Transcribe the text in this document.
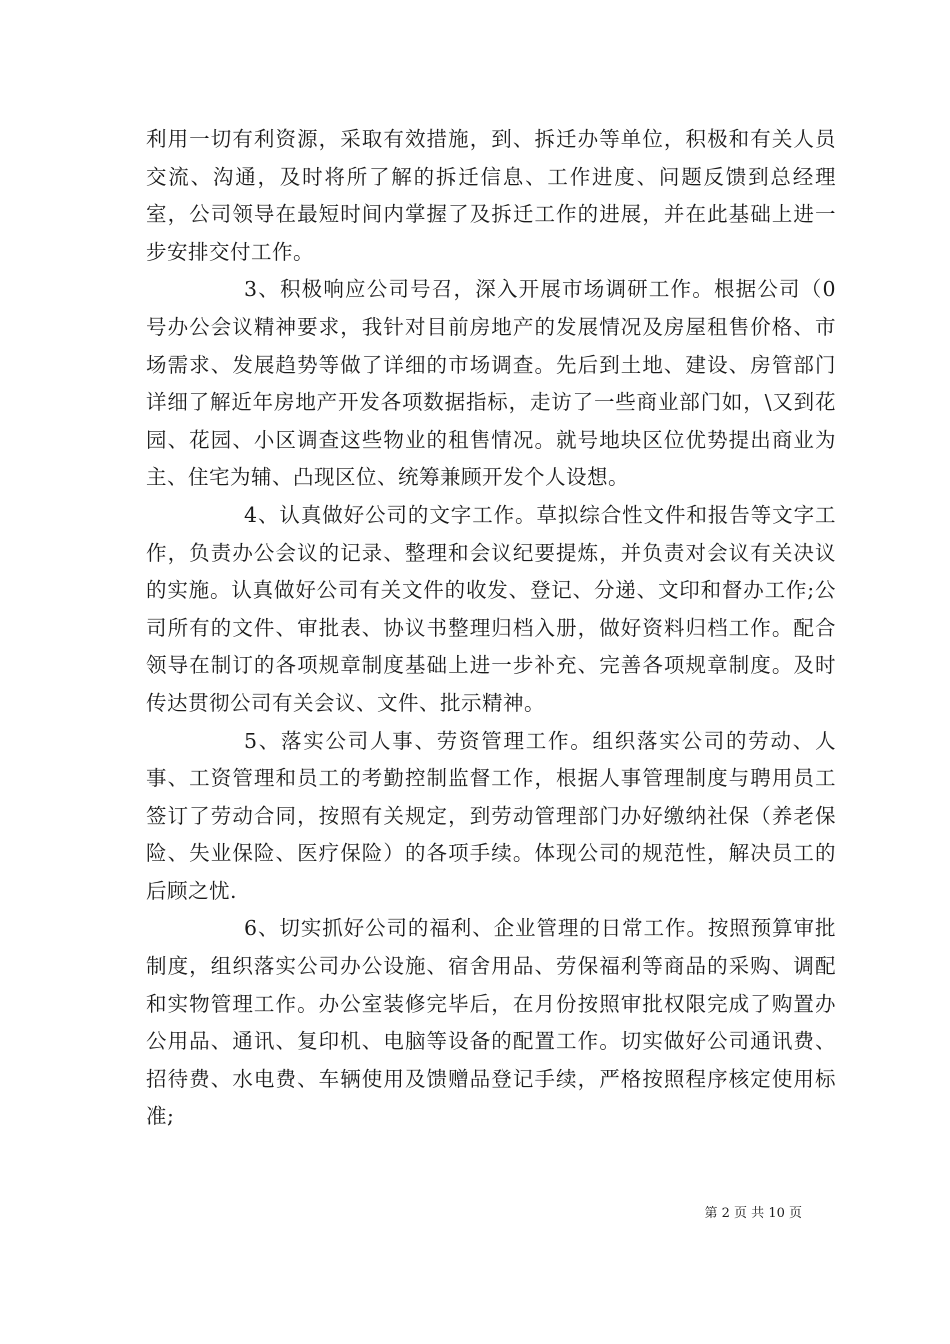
利用一切有利资源，采取有效措施，到、拆迁办等单位，积极和有关人员交流、沟通，及时将所了解的拆迁信息、工作进度、问题反馈到总经理室，公司领导在最短时间内掌握了及拆迁工作的进展，并在此基础上进一步安排交付工作。

3、积极响应公司号召，深入开展市场调研工作。根据公司（0号办公会议精神要求，我针对目前房地产的发展情况及房屋租售价格、市场需求、发展趋势等做了详细的市场调查。先后到土地、建设、房管部门详细了解近年房地产开发各项数据指标，走访了一些商业部门如，\又到花园、花园、小区调查这些物业的租售情况。就号地块区位优势提出商业为主、住宅为辅、凸现区位、统筹兼顾开发个人设想。

4、认真做好公司的文字工作。草拟综合性文件和报告等文字工作，负责办公会议的记录、整理和会议纪要提炼，并负责对会议有关决议的实施。认真做好公司有关文件的收发、登记、分递、文印和督办工作;公司所有的文件、审批表、协议书整理归档入册，做好资料归档工作。配合领导在制订的各项规章制度基础上进一步补充、完善各项规章制度。及时传达贯彻公司有关会议、文件、批示精神。

5、落实公司人事、劳资管理工作。组织落实公司的劳动、人事、工资管理和员工的考勤控制监督工作，根据人事管理制度与聘用员工签订了劳动合同，按照有关规定，到劳动管理部门办好缴纳社保（养老保险、失业保险、医疗保险）的各项手续。体现公司的规范性，解决员工的后顾之忧.

6、切实抓好公司的福利、企业管理的日常工作。按照预算审批制度，组织落实公司办公设施、宿舍用品、劳保福利等商品的采购、调配和实物管理工作。办公室装修完毕后，在月份按照审批权限完成了购置办公用品、通讯、复印机、电脑等设备的配置工作。切实做好公司通讯费、招待费、水电费、车辆使用及馈赠品登记手续，严格按照程序核定使用标准;

第 2 页 共 10 页
